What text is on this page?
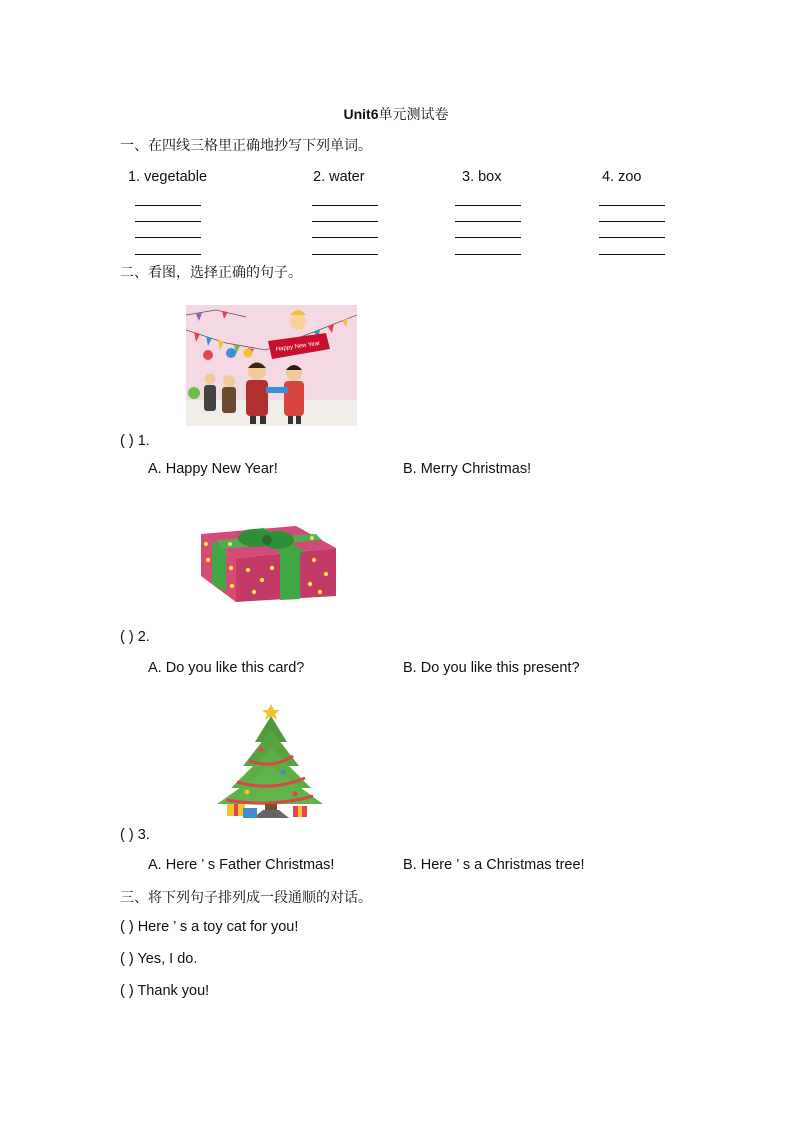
Unit6单元测试卷
一、在四线三格里正确地抄写下列单词。
1. vegetable	2. water	3. box	4. zoo
二、看图，选择正确的句子。
Happy New Year
( ) 1.
A. Happy New Year!	B. Merry Christmas!
( ) 2.
A. Do you like this card?	B. Do you like this present?
( ) 3.
A. Here ’ s Father Christmas!	B. Here ’ s a Christmas tree!
三、将下列句子排列成一段通顺的对话。
( ) Here ’ s a toy cat for you!
( ) Yes, I do.
( ) Thank you!
